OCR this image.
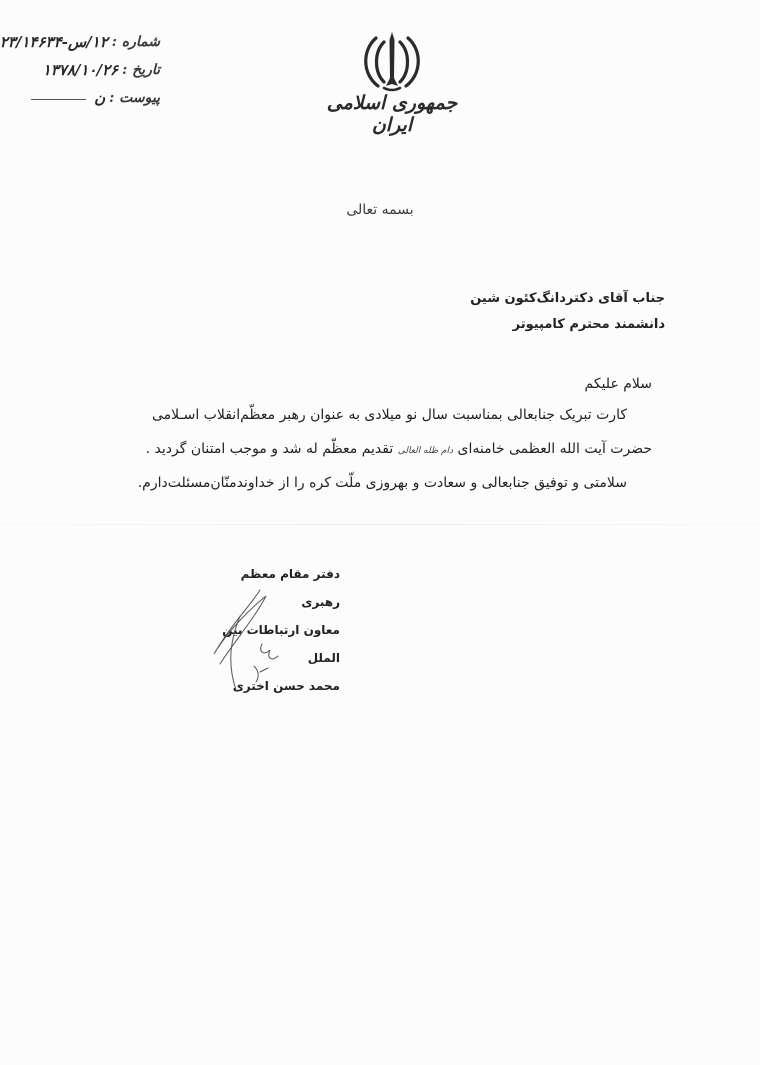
شماره :
۱۲/س-۲۳/۱۴۶۳۴
تاریخ :
۱۳۷۸/۱۰/۲۶
پیوست :
ن	جمهوری اسلامی ایران
بسمه تعالی
جناب آقای دکتردانگ‌کئون شین
دانشمند محترم کامپیوتر
سلام علیکم
کارت تبریک جنابعالی بمناسبت سال نو میلادی به عنوان رهبر معظّم‌انقلاب اسـلامی
حضرت آیت الله العظمی خامنه‌ای دام ظله العالی تقدیم معظّم له شد و موجب امتنان گردید .
سلامتی و توفیق جنابعالی و سعادت و بهروزی ملّت کره را از خداوندمنّان‌مسئلت‌دارم.
دفتر مقام معظم رهبری
معاون ارتباطات بین الملل
محمد حسن اختری
